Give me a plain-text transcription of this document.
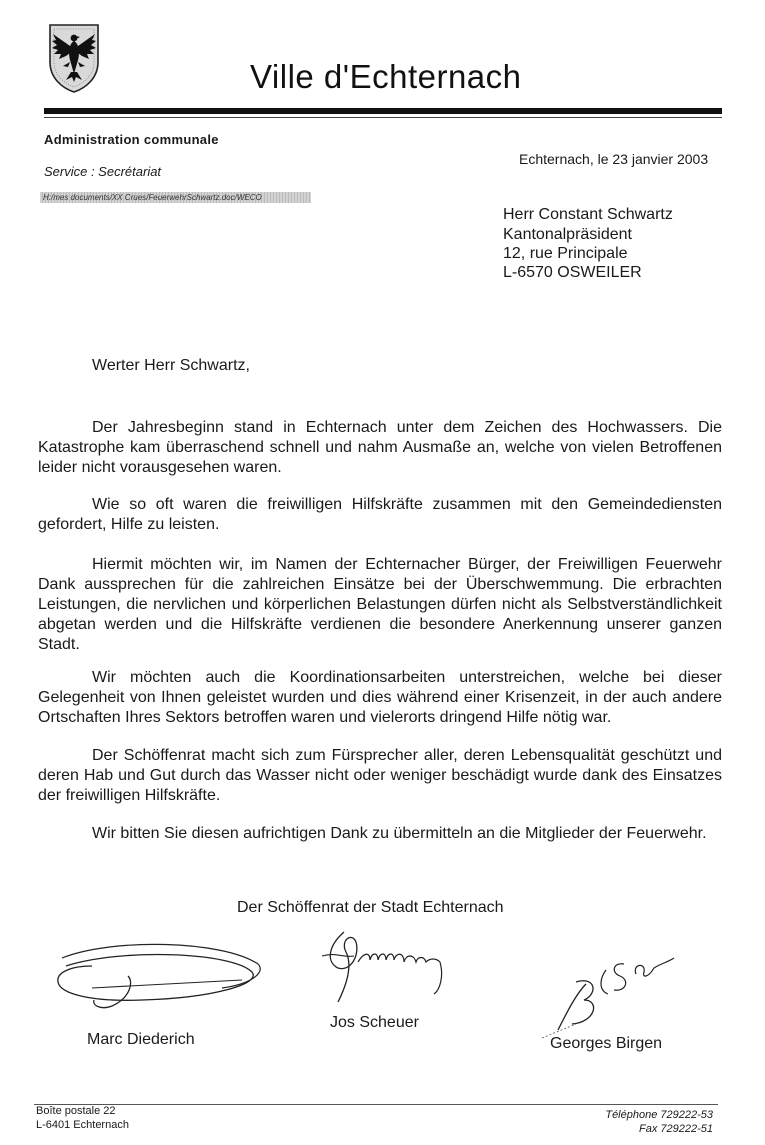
Ville d'Echternach
Administration communale
Service : Secrétariat
Echternach, le 23 janvier 2003
H:/mes documents/XX Crues/FeuerwehrSchwartz.doc/WECO
Herr Constant Schwartz
Kantonalpräsident
12, rue Principale
L-6570 OSWEILER
Werter Herr Schwartz,
Der Jahresbeginn stand in Echternach unter dem Zeichen des Hochwassers. Die Katastrophe kam überraschend schnell und nahm Ausmaße an, welche von vielen Betroffenen leider nicht vorausgesehen waren.
Wie so oft waren die freiwilligen Hilfskräfte zusammen mit den Gemeindediensten gefordert, Hilfe zu leisten.
Hiermit möchten wir, im Namen der Echternacher Bürger, der Freiwilligen Feuerwehr Dank aussprechen für die zahlreichen Einsätze bei der Überschwemmung. Die erbrachten Leistungen, die nervlichen und körperlichen Belastungen dürfen nicht als Selbstverständlichkeit abgetan werden und die Hilfskräfte verdienen die besondere Anerkennung unserer ganzen Stadt.
Wir möchten auch die Koordinationsarbeiten unterstreichen, welche bei dieser Gelegenheit von Ihnen geleistet wurden und dies während einer Krisenzeit, in der auch andere Ortschaften Ihres Sektors betroffen waren und vielerorts dringend Hilfe nötig war.
Der Schöffenrat macht sich zum Fürsprecher aller, deren Lebensqualität geschützt und deren Hab und Gut durch das Wasser nicht oder weniger beschädigt wurde dank des Einsatzes der freiwilligen Hilfskräfte.
Wir bitten Sie diesen aufrichtigen Dank zu übermitteln an die Mitglieder der Feuerwehr.
Der Schöffenrat der Stadt Echternach
Marc Diederich
Jos Scheuer
Georges Birgen
Boîte postale 22
L-6401 Echternach
Téléphone 729222-53
Fax 729222-51
